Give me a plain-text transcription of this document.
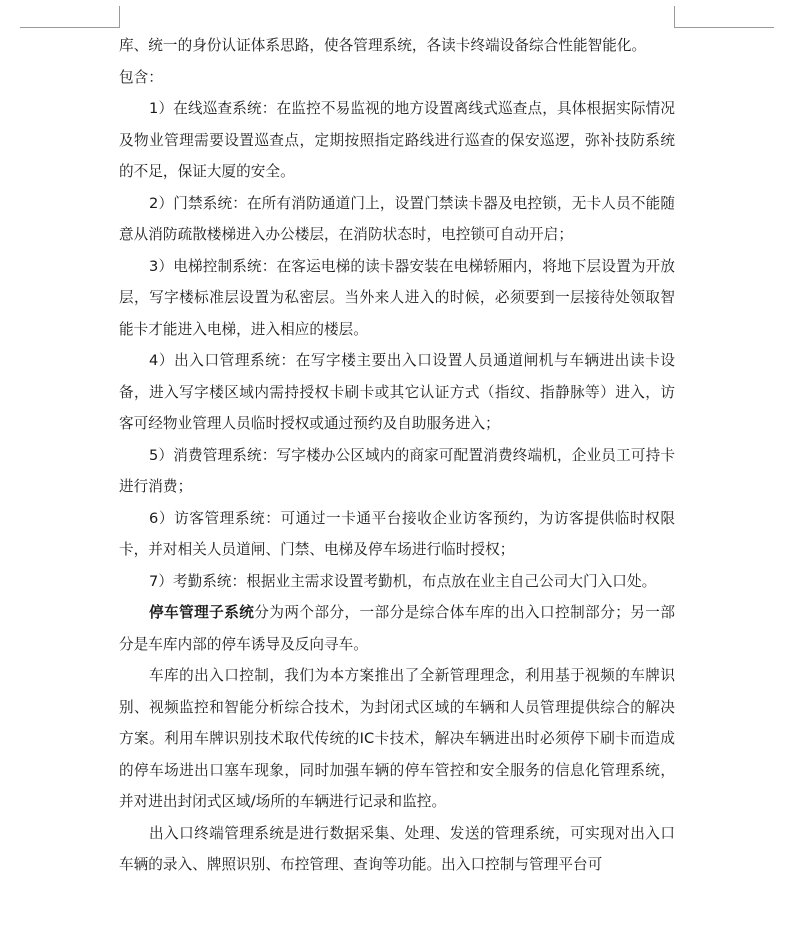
库、统一的身份认证体系思路，使各管理系统，各读卡终端设备综合性能智能化。

包含：

1）在线巡查系统：在监控不易监视的地方设置离线式巡查点，具体根据实际情况及物业管理需要设置巡查点，定期按照指定路线进行巡查的保安巡逻，弥补技防系统的不足，保证大厦的安全。

2）门禁系统：在所有消防通道门上，设置门禁读卡器及电控锁，无卡人员不能随意从消防疏散楼梯进入办公楼层，在消防状态时，电控锁可自动开启；

3）电梯控制系统：在客运电梯的读卡器安装在电梯轿厢内，将地下层设置为开放层，写字楼标准层设置为私密层。当外来人进入的时候，必须要到一层接待处领取智能卡才能进入电梯，进入相应的楼层。

4）出入口管理系统：在写字楼主要出入口设置人员通道闸机与车辆进出读卡设备，进入写字楼区域内需持授权卡刷卡或其它认证方式（指纹、指静脉等）进入，访客可经物业管理人员临时授权或通过预约及自助服务进入；

5）消费管理系统：写字楼办公区域内的商家可配置消费终端机，企业员工可持卡进行消费；

6）访客管理系统：可通过一卡通平台接收企业访客预约，为访客提供临时权限卡，并对相关人员道闸、门禁、电梯及停车场进行临时授权；

7）考勤系统：根据业主需求设置考勤机，布点放在业主自己公司大门入口处。

停车管理子系统分为两个部分，一部分是综合体车库的出入口控制部分；另一部分是车库内部的停车诱导及反向寻车。

车库的出入口控制，我们为本方案推出了全新管理理念，利用基于视频的车牌识别、视频监控和智能分析综合技术，为封闭式区域的车辆和人员管理提供综合的解决方案。利用车牌识别技术取代传统的IC卡技术，解决车辆进出时必须停下刷卡而造成的停车场进出口塞车现象，同时加强车辆的停车管控和安全服务的信息化管理系统，并对进出封闭式区域/场所的车辆进行记录和监控。

出入口终端管理系统是进行数据采集、处理、发送的管理系统，可实现对出入口车辆的录入、牌照识别、布控管理、查询等功能。出入口控制与管理平台可
